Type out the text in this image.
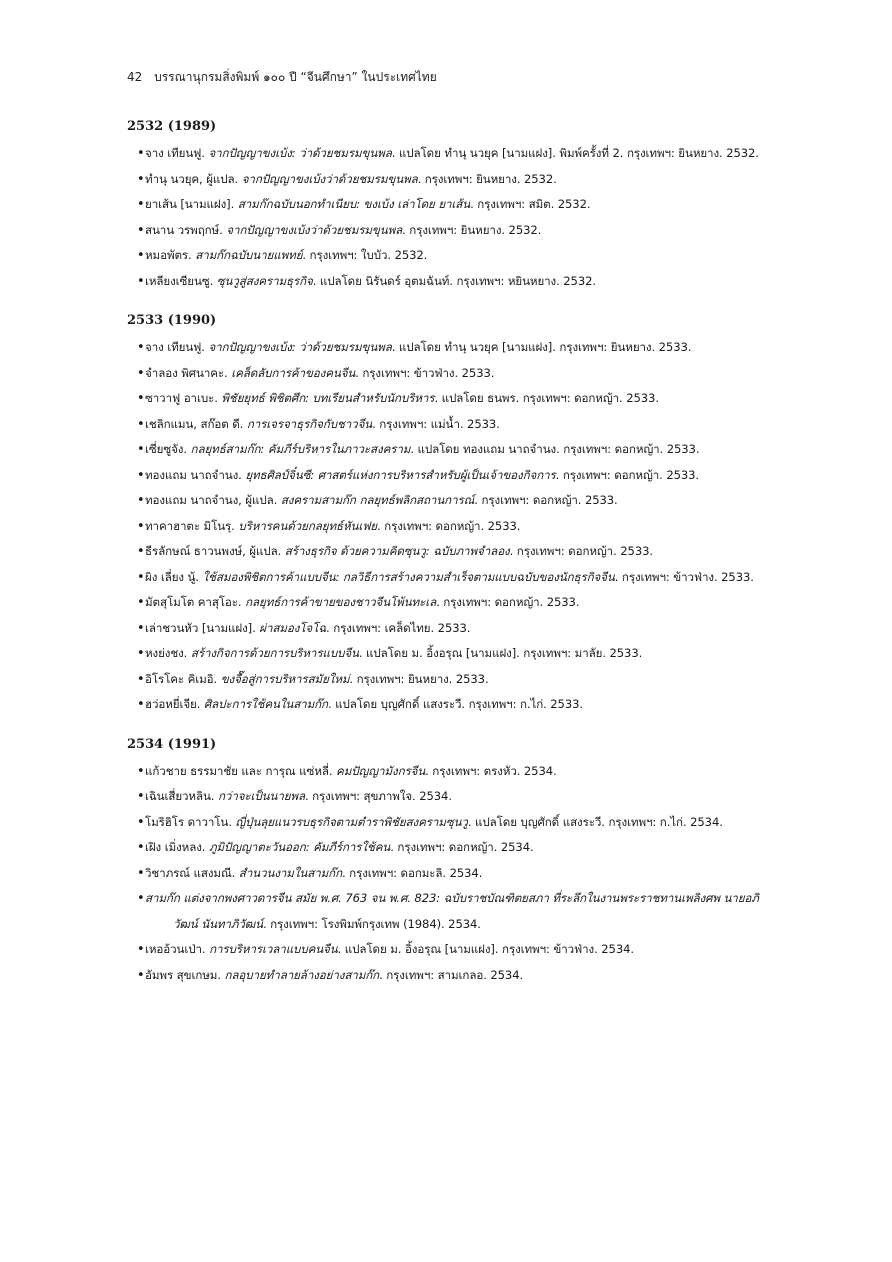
42 บรรณานุกรมสิ่งพิมพ์ ๑๐๐ ปี “จีนศึกษา” ในประเทศไทย
2532 (1989)
• จาง เทียนฟู. จากปัญญาขงเบ้ง: ว่าด้วยชมรมขุนพล. แปลโดย ทำนุ นวยุค [นามแฝง]. พิมพ์ครั้งที่ 2. กรุงเทพฯ: ยินหยาง. 2532.
• ทำนุ นวยุค, ผู้แปล. จากปัญญาขงเบ้งว่าด้วยชมรมขุนพล. กรุงเทพฯ: ยินหยาง. 2532.
• ยาเส้น [นามแฝง]. สามก๊กฉบับนอกทำเนียบ: ขงเบ้ง เล่าโดย ยาเส้น. กรุงเทพฯ: สมิต. 2532.
• สนาน วรพฤกษ์. จากปัญญาขงเบ้งว่าด้วยชมรมขุนพล. กรุงเทพฯ: ยินหยาง. 2532.
• หมอพัตร. สามก๊กฉบับนายแพทย์. กรุงเทพฯ: ใบบัว. 2532.
• เหลียงเซียนซู. ซุนวูสู่สงครามธุรกิจ. แปลโดย นิรันดร์ อุตมฉันท์. กรุงเทพฯ: หยินหยาง. 2532.
2533 (1990)
• จาง เทียนฟู. จากปัญญาขงเบ้ง: ว่าด้วยชมรมขุนพล. แปลโดย ทำนุ นวยุค [นามแฝง]. กรุงเทพฯ: ยินหยาง. 2533.
• จำลอง พิศนาคะ. เคล็ดลับการค้าของคนจีน. กรุงเทพฯ: ข้าวฟ่าง. 2533.
• ซาวาฟู อาเบะ. พิชัยยุทธ์ พิชิตศึก: บทเรียนสำหรับนักบริหาร. แปลโดย ธนพร. กรุงเทพฯ: ดอกหญ้า. 2533.
• เชลิกแมน, สก๊อต ดี. การเจรจาธุรกิจกับชาวจีน. กรุงเทพฯ: แม่น้ำ. 2533.
• เซี่ยซูจัง. กลยุทธ์สามก๊ก: คัมภีร์บริหารในภาวะสงคราม. แปลโดย ทองแถม นาถจำนง. กรุงเทพฯ: ดอกหญ้า. 2533.
• ทองแถม นาถจำนง. ยุทธศิลป์จิ๋นซี: ศาสตร์แห่งการบริหารสำหรับผู้เป็นเจ้าของกิจการ. กรุงเทพฯ: ดอกหญ้า. 2533.
• ทองแถม นาถจำนง, ผู้แปล. สงครามสามก๊ก กลยุทธ์พลิกสถานการณ์. กรุงเทพฯ: ดอกหญ้า. 2533.
• ทาคาฮาตะ มิโนรุ. บริหารคนด้วยกลยุทธ์หันเฟย. กรุงเทพฯ: ดอกหญ้า. 2533.
• ธีรลักษณ์ ธาวนพงษ์, ผู้แปล. สร้างธุรกิจ ด้วยความคิดซุนวู: ฉบับภาพจำลอง. กรุงเทพฯ: ดอกหญ้า. 2533.
• ผิง เลี่ยง นู้. ใช้สมองพิชิตการค้าแบบจีน: กลวิธีการสร้างความสำเร็จตามแบบฉบับของนักธุรกิจจีน. กรุงเทพฯ: ข้าวฟ่าง. 2533.
• มัตสุโมโต คาสุโอะ. กลยุทธ์การค้าขายของชาวจีนโพ้นทะเล. กรุงเทพฯ: ดอกหญ้า. 2533.
• เล่าชวนหัว [นามแฝง]. ผ่าสมองโจโฉ. กรุงเทพฯ: เคล็ดไทย. 2533.
• หงย่งชง. สร้างกิจการด้วยการบริหารแบบจีน. แปลโดย ม. อิ้งอรุณ [นามแฝง]. กรุงเทพฯ: มาลัย. 2533.
• อิโรโคะ คิเมอิ. ขงจื๊อสู่การบริหารสมัยใหม่. กรุงเทพฯ: ยินหยาง. 2533.
• ฮว่อหยี่เจีย. ศิลปะการใช้คนในสามก๊ก. แปลโดย บุญศักดิ์ แสงระวี. กรุงเทพฯ: ก.ไก่. 2533.
2534 (1991)
• แก้วชาย ธรรมาชัย และ การุณ แซ่หลี่. คมปัญญามังกรจีน. กรุงเทพฯ: ตรงหัว. 2534.
• เฉินเสี่ยวหลิน. กว่าจะเป็นนายพล. กรุงเทพฯ: สุขภาพใจ. 2534.
• โมริฮิโร ดาวาโน. ญี่ปุ่นลุยแนวรบธุรกิจตามตำราพิชัยสงครามซุนวู. แปลโดย บุญศักดิ์ แสงระวี. กรุงเทพฯ: ก.ไก่. 2534.
• เฝิง เมิ่งหลง. ภูมิปัญญาตะวันออก: คัมภีร์การใช้คน. กรุงเทพฯ: ดอกหญ้า. 2534.
• วิชาภรณ์ แสงมณี. สำนวนงามในสามก๊ก. กรุงเทพฯ: ดอกมะลิ. 2534.
• สามก๊ก แต่งจากพงศาวดารจีน สมัย พ.ศ. 763 จน พ.ศ. 823: ฉบับราชบัณฑิตยสภา ที่ระลึกในงานพระราชทานเพลิงศพ นายอภิวัฒน์ นันทาภิวัฒน์. กรุงเทพฯ: โรงพิมพ์กรุงเทพ (1984). 2534.
• เหออ้วนเป่า. การบริหารเวลาแบบคนจีน. แปลโดย ม. อิ้งอรุณ [นามแฝง]. กรุงเทพฯ: ข้าวฟ่าง. 2534.
• อัมพร สุขเกษม. กลอุบายทำลายล้างอย่างสามก๊ก. กรุงเทพฯ: สามเกลอ. 2534.
